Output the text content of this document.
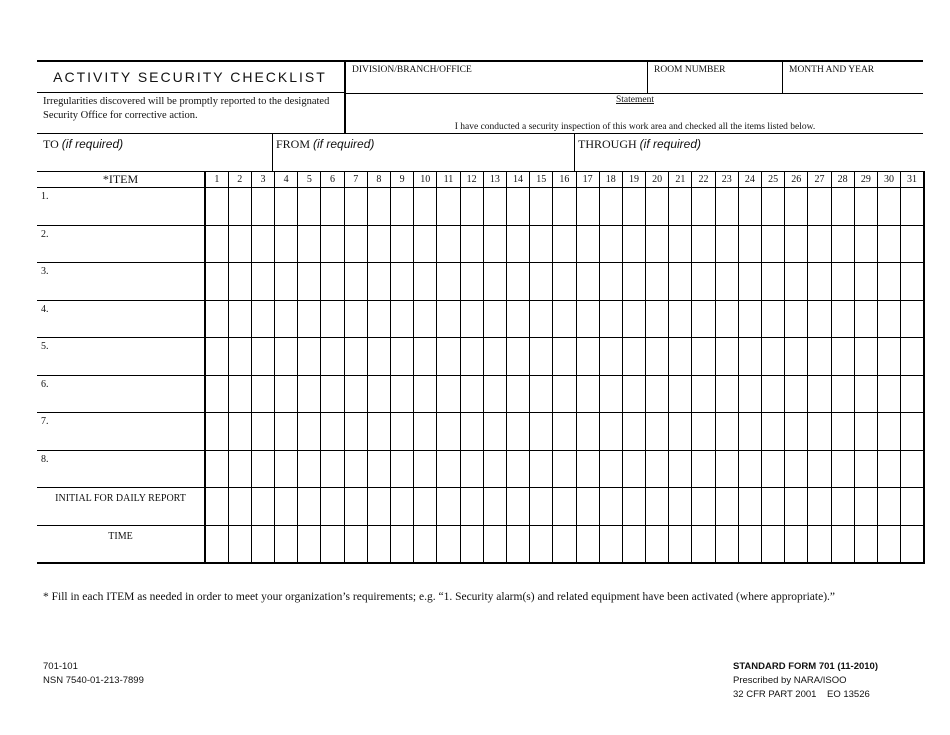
ACTIVITY SECURITY CHECKLIST
Irregularities discovered will be promptly reported to the designated Security Office for corrective action.
DIVISION/BRANCH/OFFICE	ROOM NUMBER	MONTH AND YEAR
Statement
I have conducted a security inspection of this work area and checked all the items listed below.
TO (if required)	FROM (if required)	THROUGH (if required)
*ITEM	1	2	3	4	5	6	7	8	9	10	11	12	13	14	15	16	17	18	19	20	21	22	23	24	25	26	27	28	29	30	31

1.																															

2.																															

3.																															

4.																															

5.																															

6.																															

7.																															

8.																															

INITIAL FOR DAILY REPORT																															

TIME																															

* Fill in each ITEM as needed in order to meet your organization’s requirements; e.g. “1. Security alarm(s) and related equipment have been activated (where appropriate).”
701-101
NSN 7540-01-213-7899
STANDARD FORM 701 (11-2010)
Prescribed by NARA/ISOO
32 CFR PART 2001    EO 13526
